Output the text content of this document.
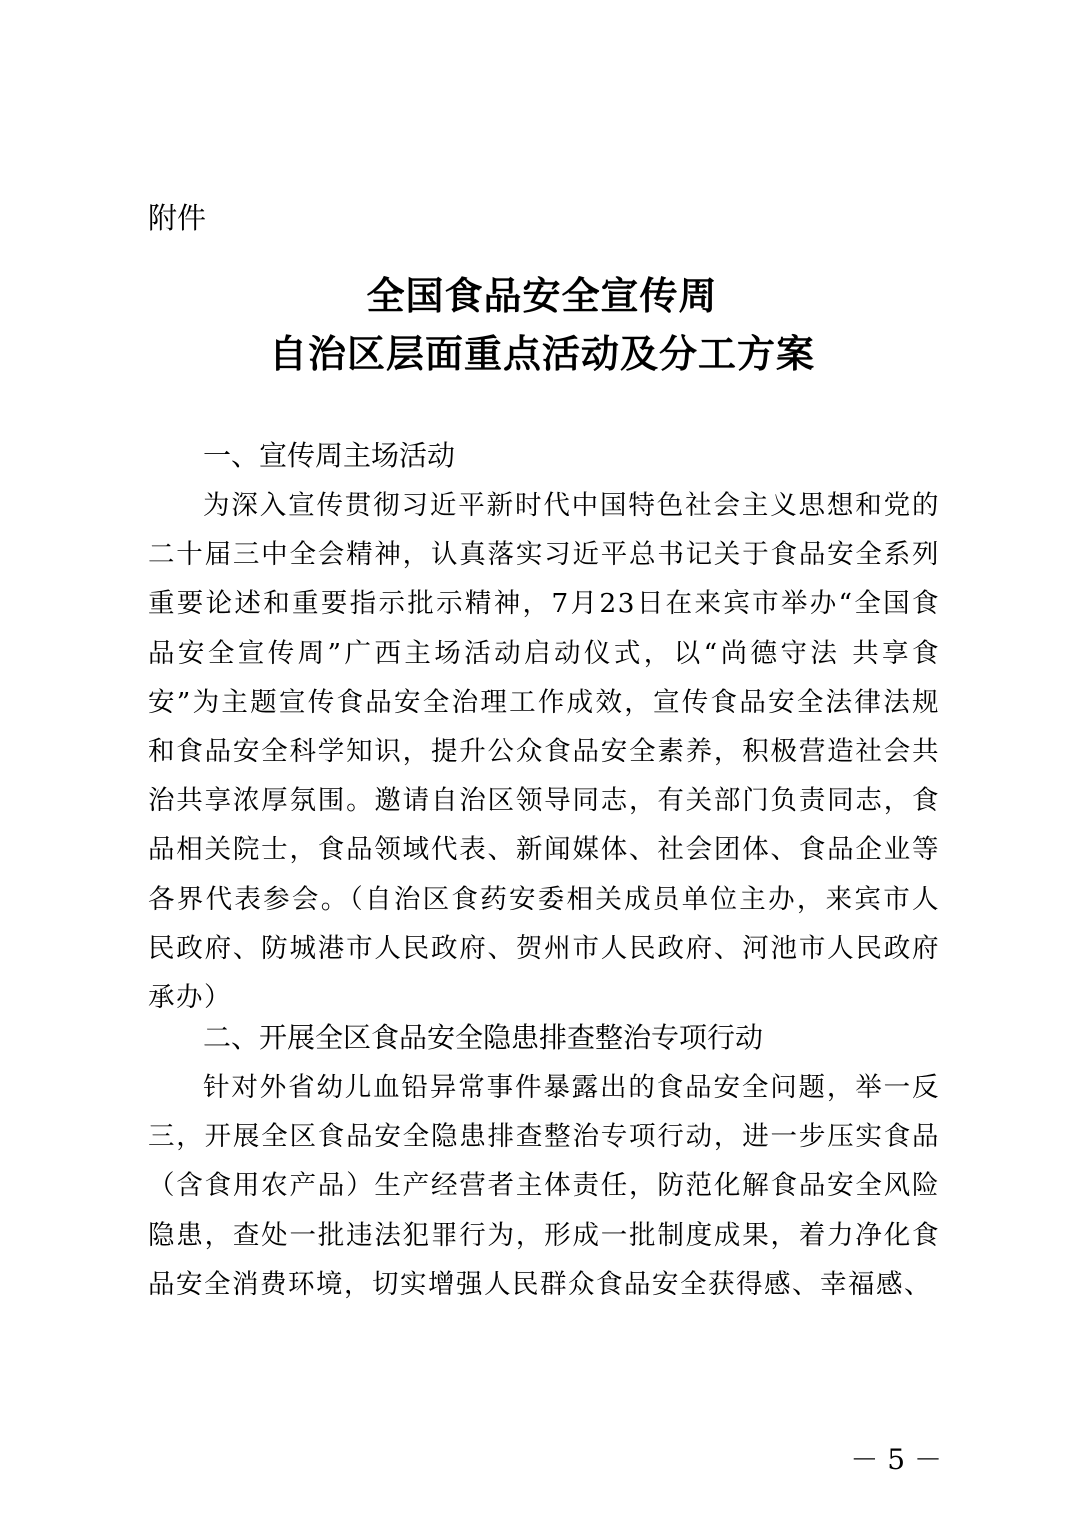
附件
全国食品安全宣传周
自治区层面重点活动及分工方案
一、宣传周主场活动

为深入宣传贯彻习近平新时代中国特色社会主义思想和党的二十届三中全会精神，认真落实习近平总书记关于食品安全系列重要论述和重要指示批示精神，7月23日在来宾市举办“全国食品安全宣传周”广西主场活动启动仪式，以“尚德守法 共享食安”为主题宣传食品安全治理工作成效，宣传食品安全法律法规和食品安全科学知识，提升公众食品安全素养，积极营造社会共治共享浓厚氛围。邀请自治区领导同志，有关部门负责同志，食品相关院士，食品领域代表、新闻媒体、社会团体、食品企业等各界代表参会。（自治区食药安委相关成员单位主办，来宾市人民政府、防城港市人民政府、贺州市人民政府、河池市人民政府承办）

二、开展全区食品安全隐患排查整治专项行动

针对外省幼儿血铅异常事件暴露出的食品安全问题，举一反三，开展全区食品安全隐患排查整治专项行动，进一步压实食品（含食用农产品）生产经营者主体责任，防范化解食品安全风险隐患，查处一批违法犯罪行为，形成一批制度成果，着力净化食品安全消费环境，切实增强人民群众食品安全获得感、幸福感、

－ 5 －
